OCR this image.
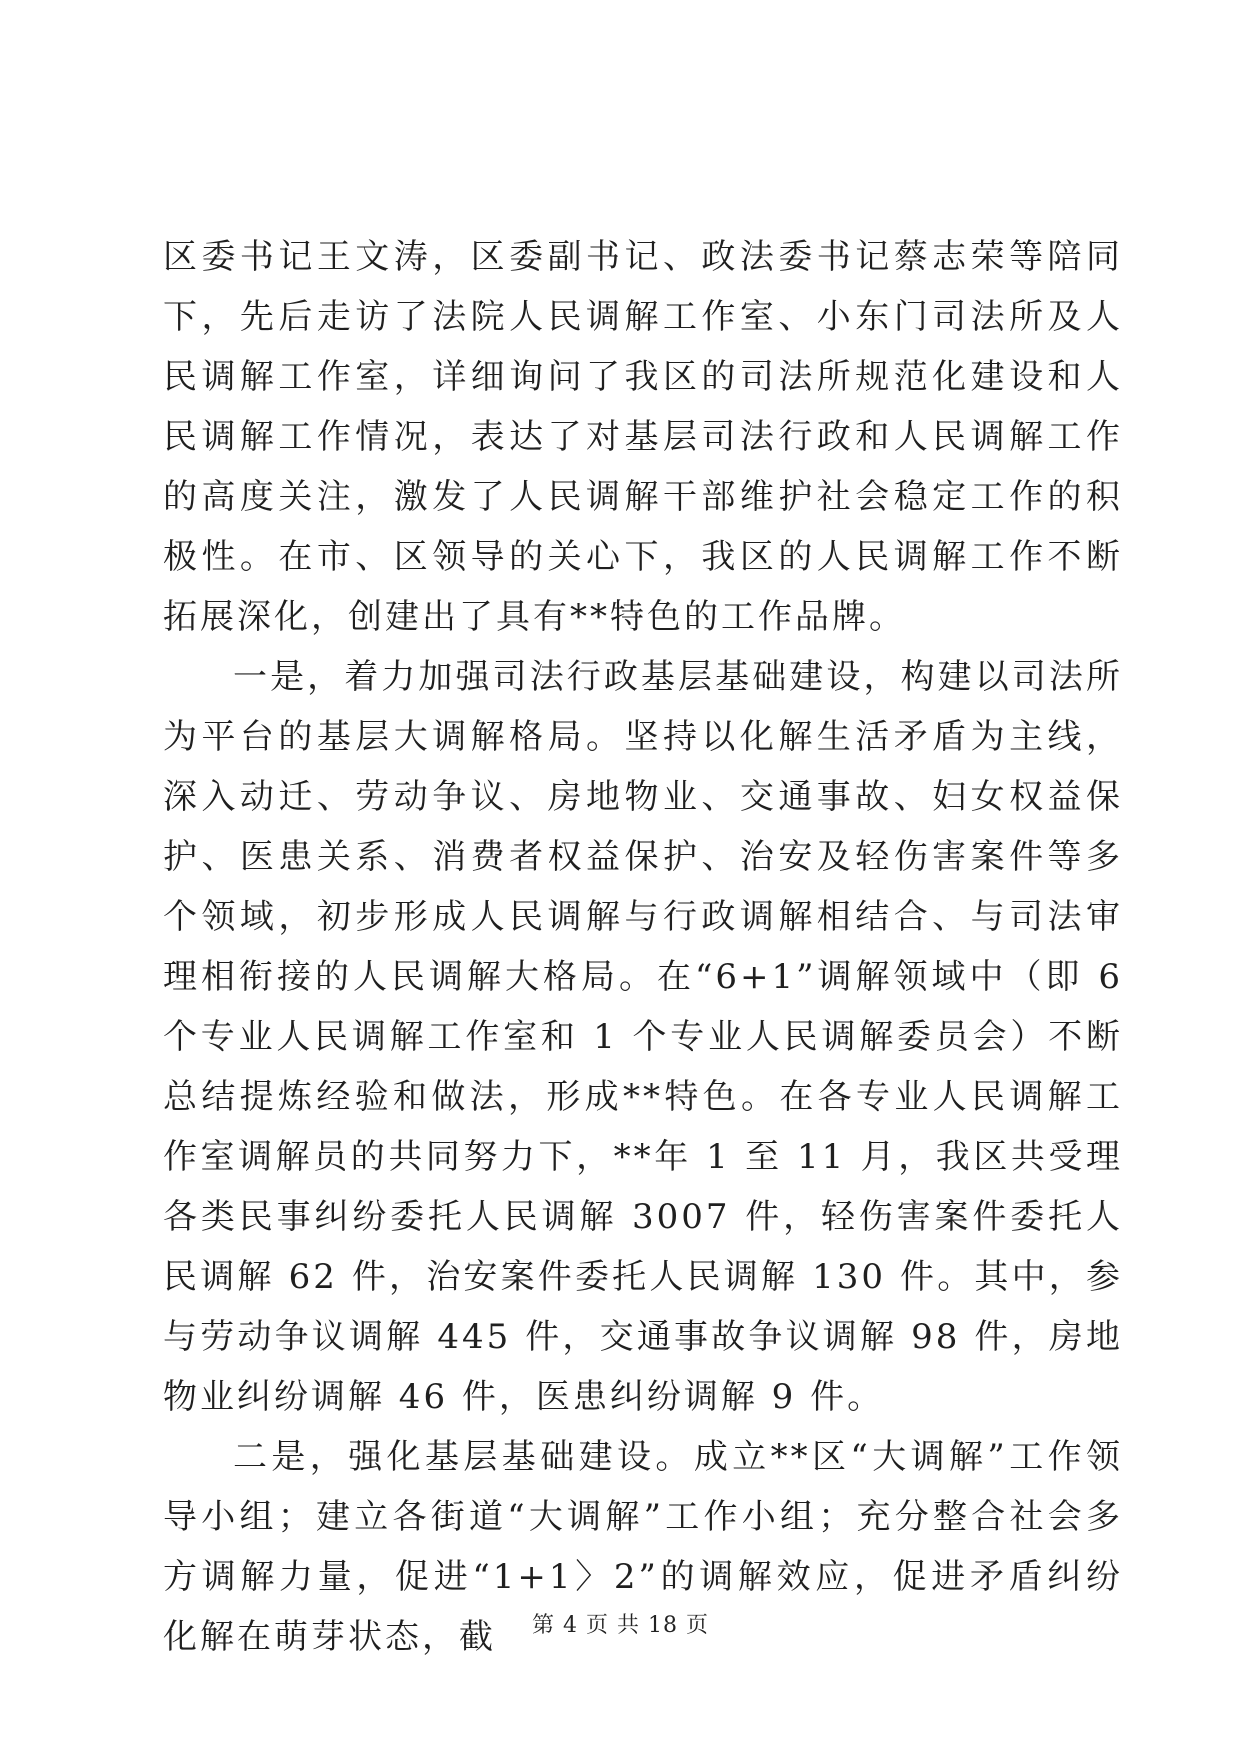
区委书记王文涛，区委副书记、政法委书记蔡志荣等陪同下，先后走访了法院人民调解工作室、小东门司法所及人民调解工作室，详细询问了我区的司法所规范化建设和人民调解工作情况，表达了对基层司法行政和人民调解工作的高度关注，激发了人民调解干部维护社会稳定工作的积极性。在市、区领导的关心下，我区的人民调解工作不断拓展深化，创建出了具有**特色的工作品牌。

一是，着力加强司法行政基层基础建设，构建以司法所为平台的基层大调解格局。坚持以化解生活矛盾为主线，深入动迁、劳动争议、房地物业、交通事故、妇女权益保护、医患关系、消费者权益保护、治安及轻伤害案件等多个领域，初步形成人民调解与行政调解相结合、与司法审理相衔接的人民调解大格局。在“6+1”调解领域中（即 6 个专业人民调解工作室和 1 个专业人民调解委员会）不断总结提炼经验和做法，形成**特色。在各专业人民调解工作室调解员的共同努力下，**年 1 至 11 月，我区共受理各类民事纠纷委托人民调解 3007 件，轻伤害案件委托人民调解 62 件，治安案件委托人民调解 130 件。其中，参与劳动争议调解 445 件，交通事故争议调解 98 件，房地物业纠纷调解 46 件，医患纠纷调解 9 件。

二是，强化基层基础建设。成立**区“大调解”工作领导小组；建立各街道“大调解”工作小组；充分整合社会多方调解力量，促进“1+1〉2”的调解效应，促进矛盾纠纷化解在萌芽状态，截	第 4 页 共 18 页
